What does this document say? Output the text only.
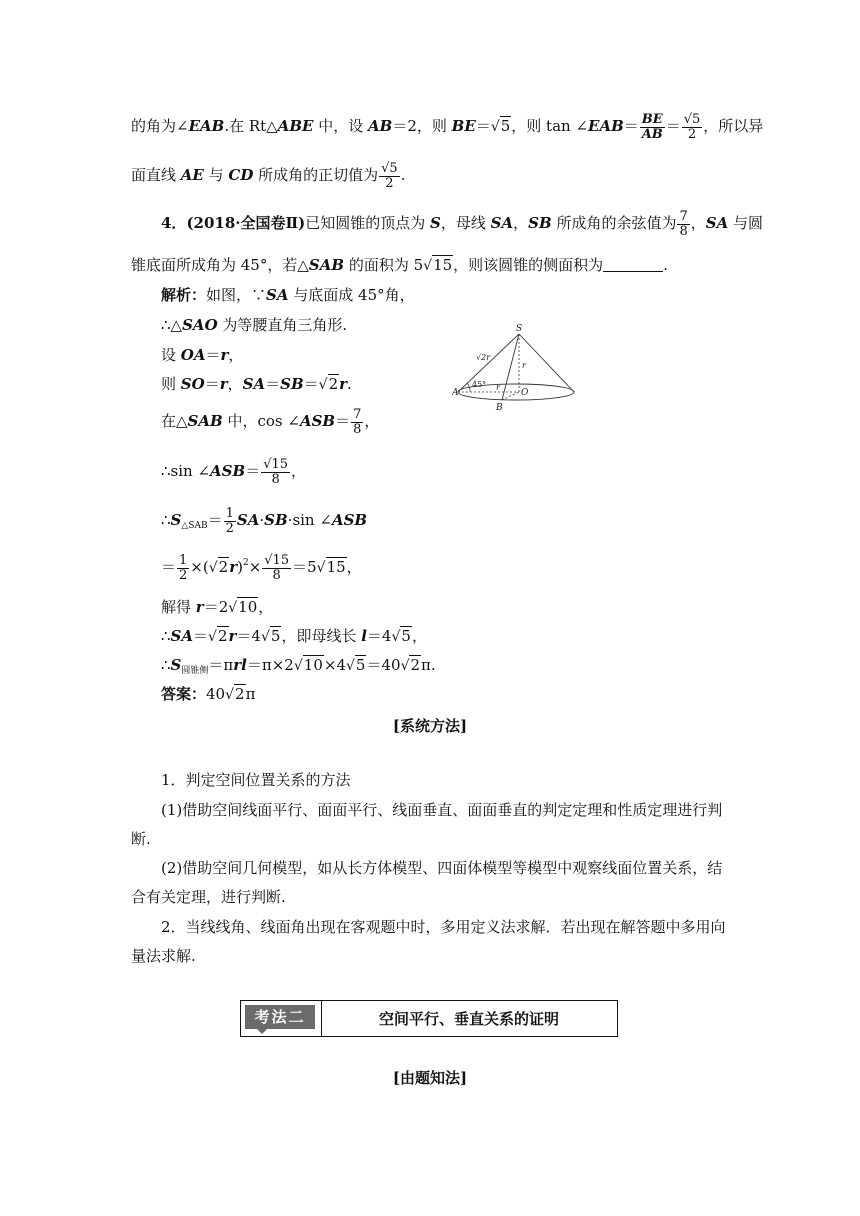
的角为∠EAB.在 Rt△ABE 中，设 AB＝2，则 BE＝√5，则 tan ∠EAB＝ $\frac{BE}{AB} = \frac{√5}{2}$ ，所以异
面直线 AE 与 CD 所成角的正切值为 $\frac{√5}{2}$ .
4．(2018·全国卷Ⅱ)已知圆锥的顶点为 S，母线 SA，SB 所成角的余弦值为 $\frac{7}{8}$ ，SA 与圆
锥底面所成角为 45°，若△SAB 的面积为 5√15，则该圆锥的侧面积为	.
解析：如图，∵SA 与底面成 45°角，
∴△SAO 为等腰直角三角形.
设 OA＝r，
则 SO＝r，SA＝SB＝√2r.
在△SAB 中，cos ∠ASB＝ $\frac{7}{8}$ ，
∴sin ∠ASB＝ $\frac{√15}{8}$ ，
$\therefore S_{\triangle SAB}= \frac{1}{2} SA\cdot SB\cdot\sin$ ∠ASB
＝ $\frac{1}{2} \times(√2r)^2\times \frac{√15}{8} =5√15$，
解得 r＝2√10，
∴SA＝√2r＝4√5，即母线长 l＝4√5，
$\therefore S_{圆锥侧}=\pi rl=\pi\times 2√10\times 4√5=40√2\pi$.
答案：40√2π
S
A
B
O
r
r
45°
√2r
[系统方法]
1．判定空间位置关系的方法
(1)借助空间线面平行、面面平行、线面垂直、面面垂直的判定定理和性质定理进行判
断.
(2)借助空间几何模型，如从长方体模型、四面体模型等模型中观察线面位置关系，结
合有关定理，进行判断.
2．当线线角、线面角出现在客观题中时，多用定义法求解．若出现在解答题中多用向
量法求解.
考法二	空间平行、垂直关系的证明
[由题知法]
